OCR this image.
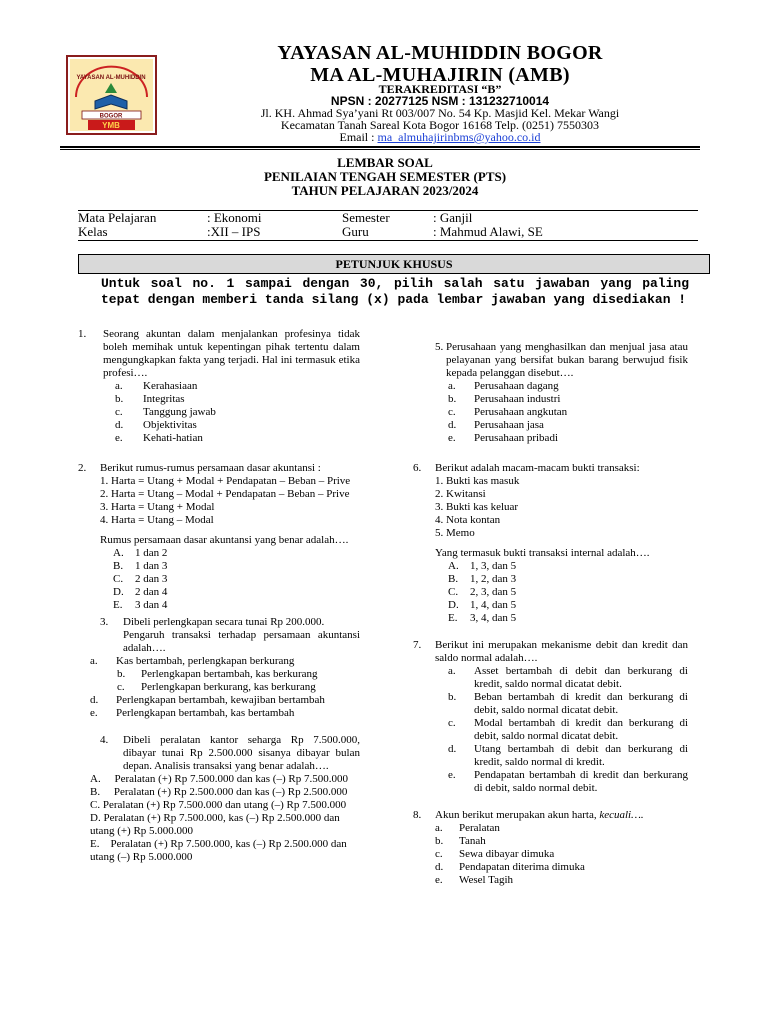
YAYASAN AL-MUHIDDIN
BOGOR
YMB
YAYASAN AL-MUHIDDIN BOGOR
MA AL-MUHAJIRIN (AMB)
TERAKREDITASI “B”
NPSN : 20277125 NSM : 131232710014
Jl. KH. Ahmad Sya’yani Rt 003/007 No. 54 Kp. Masjid Kel. Mekar Wangi
Kecamatan Tanah Sareal Kota Bogor 16168 Telp. (0251) 7550303
Email : ma_almuhajirinbms@yahoo.co.id
LEMBAR SOAL
PENILAIAN TENGAH SEMESTER (PTS)
TAHUN PELAJARAN 2023/2024
Mata Pelajaran	: Ekonomi	Semester	: Ganjil
Kelas	:XII – IPS	Guru	: Mahmud Alawi, SE
PETUNJUK KHUSUS
Untuk soal no. 1 sampai dengan 30, pilih salah satu jawaban yang paling tepat dengan memberi tanda silang (x) pada lembar jawaban yang disediakan !
1. Seorang akuntan dalam menjalankan profesinya tidak boleh memihak untuk kepentingan pihak tertentu dalam mengungkapkan fakta yang terjadi. Hal ini termasuk etika profesi….
a.	Kerahasiaan
b.	Integritas
c.	Tanggung jawab
d.	Objektivitas
e.	Kehati-hatian
2. Berikut rumus-rumus persamaan dasar akuntansi :
1. Harta = Utang + Modal + Pendapatan – Beban – Prive
2. Harta = Utang – Modal + Pendapatan – Beban – Prive
3. Harta = Utang + Modal
4. Harta = Utang – Modal
Rumus persamaan dasar akuntansi yang benar adalah….
A.	1 dan 2
B.	1 dan 3
C.	2 dan 3
D.	2 dan 4
E.	3 dan 4
3. Dibeli perlengkapan secara tunai Rp 200.000.
Pengaruh transaksi terhadap persamaan akuntansi adalah….
a.	Kas bertambah, perlengkapan berkurang
b.	Perlengkapan bertambah, kas berkurang
c.	Perlengkapan berkurang, kas berkurang
d.	Perlengkapan bertambah, kewajiban bertambah
e.	Perlengkapan bertambah, kas bertambah
4. Dibeli peralatan kantor seharga Rp 7.500.000, dibayar tunai Rp 2.500.000 sisanya dibayar bulan depan. Analisis transaksi yang benar adalah….
A. Peralatan (+) Rp 7.500.000 dan kas (–) Rp 7.500.000
B. Peralatan (+) Rp 2.500.000 dan kas (–) Rp 2.500.000
C. Peralatan (+) Rp 7.500.000 dan utang (–) Rp 7.500.000
D. Peralatan (+) Rp 7.500.000, kas (–) Rp 2.500.000 dan utang (+) Rp 5.000.000
E. Peralatan (+) Rp 7.500.000, kas (–) Rp 2.500.000 dan utang (–) Rp 5.000.000
5. Perusahaan yang menghasilkan dan menjual jasa atau pelayanan yang bersifat bukan barang berwujud fisik kepada pelanggan disebut….
a.	Perusahaan dagang
b.	Perusahaan industri
c.	Perusahaan angkutan
d.	Perusahaan jasa
e.	Perusahaan pribadi
6. Berikut adalah macam-macam bukti transaksi:
1. Bukti kas masuk
2. Kwitansi
3. Bukti kas keluar
4. Nota kontan
5. Memo
Yang termasuk bukti transaksi internal adalah….
A.	1, 3, dan 5
B.	1, 2, dan 3
C.	2, 3, dan 5
D.	1, 4, dan 5
E.	3, 4, dan 5
7. Berikut ini merupakan mekanisme debit dan kredit dan saldo normal adalah….
a.	Asset bertambah di debit dan berkurang di kredit, saldo normal dicatat debit.
b.	Beban bertambah di kredit dan berkurang di debit, saldo normal dicatat debit.
c.	Modal bertambah di kredit dan berkurang di debit, saldo normal dicatat debit.
d.	Utang bertambah di debit dan berkurang di kredit, saldo normal di kredit.
e.	Pendapatan bertambah di kredit dan berkurang di debit, saldo normal debit.
8. Akun berikut merupakan akun harta, kecuali….
a.	Peralatan
b.	Tanah
c.	Sewa dibayar dimuka
d.	Pendapatan diterima dimuka
e.	Wesel Tagih
